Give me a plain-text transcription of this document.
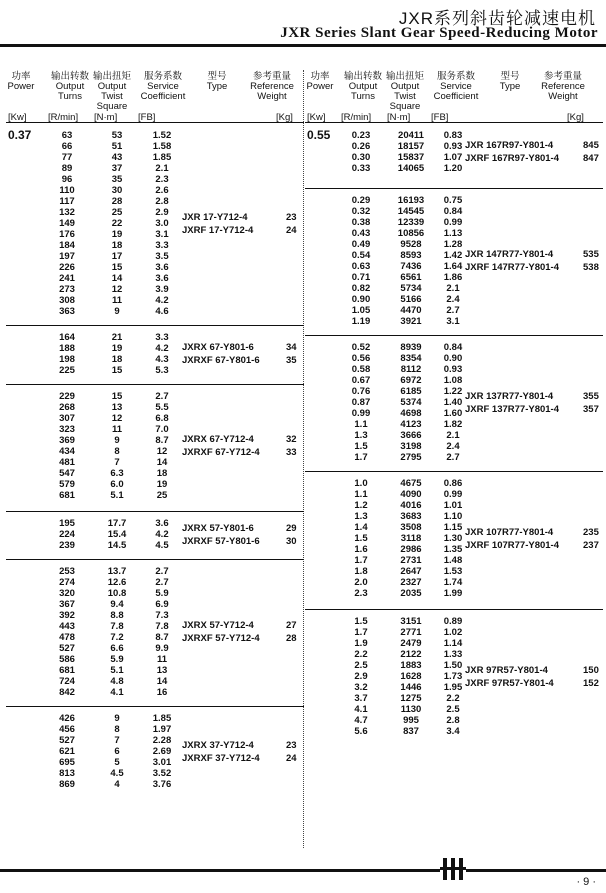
JXR系列斜齿轮减速电机
JXR Series Slant Gear Speed-Reducing Motor
功率
Power
[Kw]
输出转数
Output
Turns
[R/min]
输出扭矩
Output
Twist
Square
[N·m]
服务系数
Service
Coefficient
[FB]
型号
Type
参考重量
Reference
Weight
[Kg]
0.37	63	53	1.52
66	51	1.58
77	43	1.85
89	37	2.1
96	35	2.3
110	30	2.6
117	28	2.8
132	25	2.9
149	22	3.0
176	19	3.1
184	18	3.3
197	17	3.5
226	15	3.6
241	14	3.6
273	12	3.9
308	11	4.2
363	9	4.6
JXR 17-Y712-4	23
JXRF 17-Y712-4	24
164	21	3.3
188	19	4.2
198	18	4.3
225	15	5.3
JXRX 67-Y801-6	34
JXRXF 67-Y801-6	35
229	15	2.7
268	13	5.5
307	12	6.8
323	11	7.0
369	9	8.7
434	8	12
481	7	14
547	6.3	18
579	6.0	19
681	5.1	25
JXRX 67-Y712-4	32
JXRXF 67-Y712-4	33
195	17.7	3.6
224	15.4	4.2
239	14.5	4.5
JXRX 57-Y801-6	29
JXRXF 57-Y801-6	30
253	13.7	2.7
274	12.6	2.7
320	10.8	5.9
367	9.4	6.9
392	8.8	7.3
443	7.8	7.8
478	7.2	8.7
527	6.6	9.9
586	5.9	11
681	5.1	13
724	4.8	14
842	4.1	16
JXRX 57-Y712-4	27
JXRXF 57-Y712-4	28
426	9	1.85
456	8	1.97
527	7	2.28
621	6	2.69
695	5	3.01
813	4.5	3.52
869	4	3.76
JXRX 37-Y712-4	23
JXRXF 37-Y712-4	24
功率
Power
[Kw]
输出转数
Output
Turns
[R/min]
输出扭矩
Output
Twist
Square
[N·m]
服务系数
Service
Coefficient
[FB]
型号
Type
参考重量
Reference
Weight
[Kg]
0.55	0.23	20411	0.83
0.26	18157	0.93
0.30	15837	1.07
0.33	14065	1.20
JXR 167R97-Y801-4	845
JXRF 167R97-Y801-4	847
0.29	16193	0.75
0.32	14545	0.84
0.38	12339	0.99
0.43	10856	1.13
0.49	9528	1.28
0.54	8593	1.42
0.63	7436	1.64
0.71	6561	1.86
0.82	5734	2.1
0.90	5166	2.4
1.05	4470	2.7
1.19	3921	3.1
JXR 147R77-Y801-4	535
JXRF 147R77-Y801-4	538
0.52	8939	0.84
0.56	8354	0.90
0.58	8112	0.93
0.67	6972	1.08
0.76	6185	1.22
0.87	5374	1.40
0.99	4698	1.60
1.1	4123	1.82
1.3	3666	2.1
1.5	3198	2.4
1.7	2795	2.7
JXR 137R77-Y801-4	355
JXRF 137R77-Y801-4	357
1.0	4675	0.86
1.1	4090	0.99
1.2	4016	1.01
1.3	3683	1.10
1.4	3508	1.15
1.5	3118	1.30
1.6	2986	1.35
1.7	2731	1.48
1.8	2647	1.53
2.0	2327	1.74
2.3	2035	1.99
JXR 107R77-Y801-4	235
JXRF 107R77-Y801-4	237
1.5	3151	0.89
1.7	2771	1.02
1.9	2479	1.14
2.2	2122	1.33
2.5	1883	1.50
2.9	1628	1.73
3.2	1446	1.95
3.7	1275	2.2
4.1	1130	2.5
4.7	995	2.8
5.6	837	3.4
JXR 97R57-Y801-4	150
JXRF 97R57-Y801-4	152
· 9 ·
